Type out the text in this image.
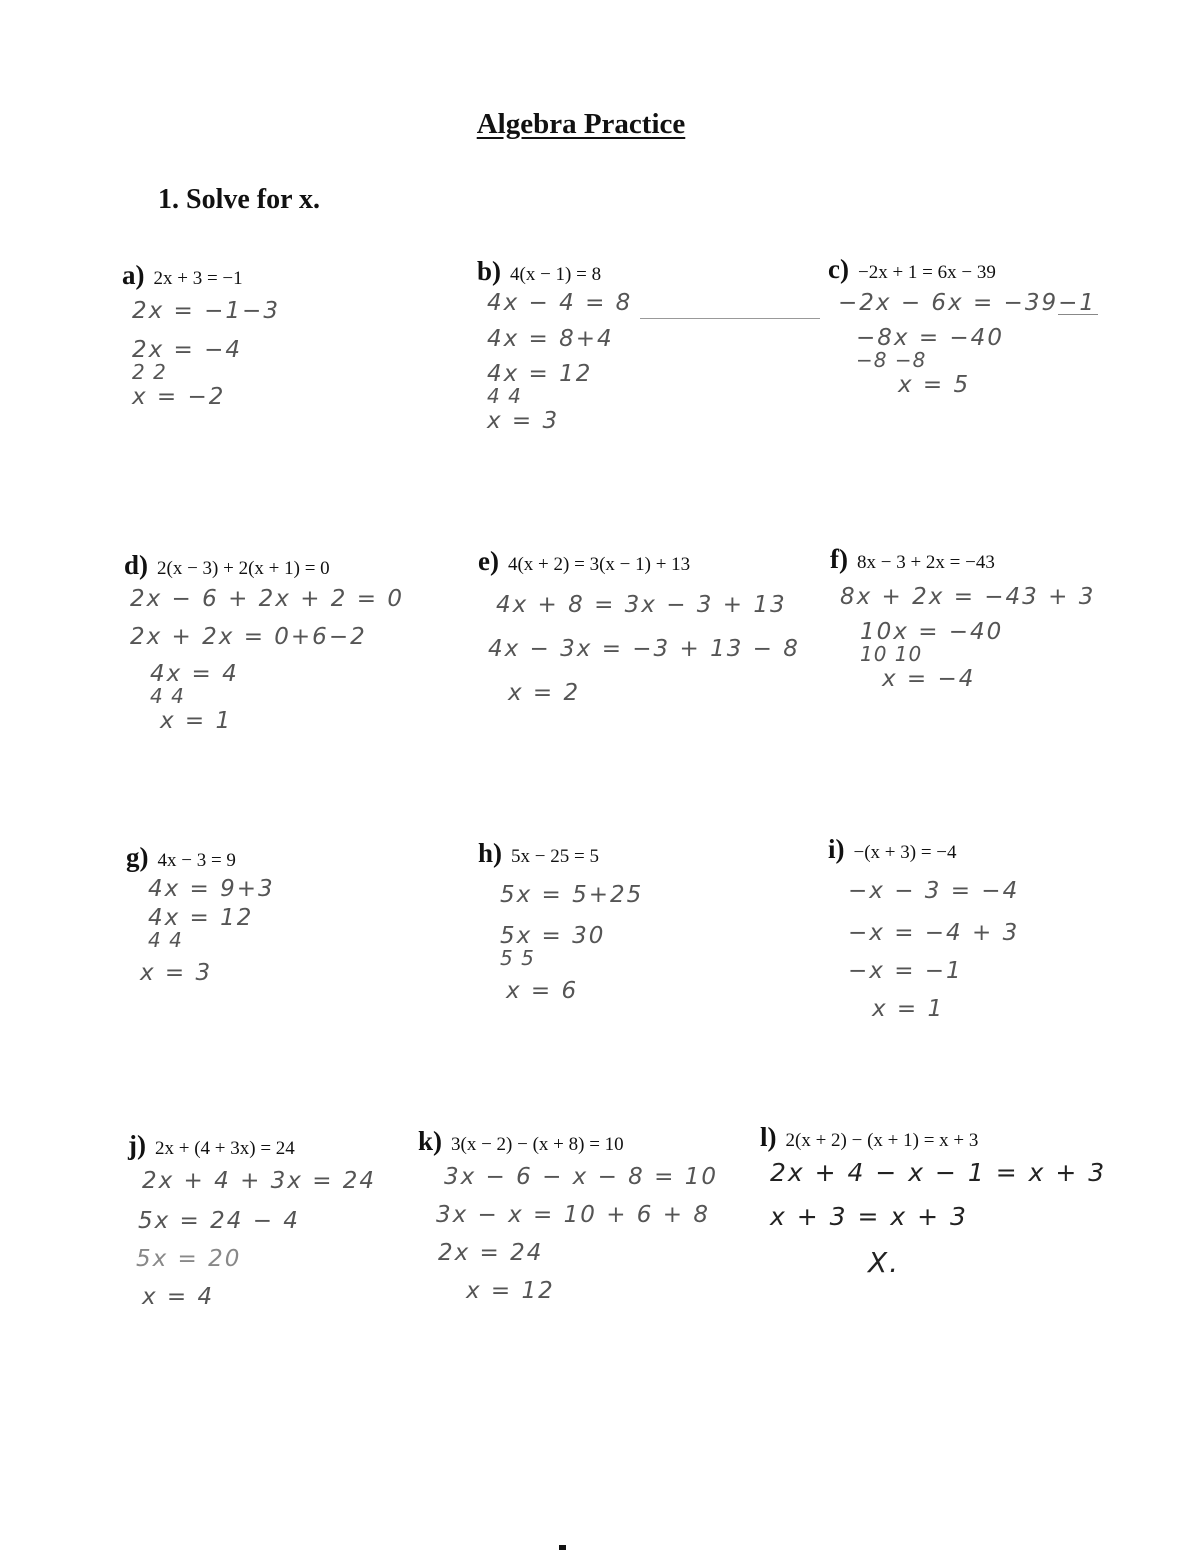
Algebra Practice
1. Solve for x.
a) 2x + 3 = −1
2x = −1−3
2x = −4
2 2
x = −2
b) 4(x − 1) = 8
4x − 4 = 8
4x = 8+4
4x = 12
4 4
x = 3
c) −2x + 1 = 6x − 39
−2x − 6x = −39−1
−8x = −40
−8 −8
x = 5
d) 2(x − 3) + 2(x + 1) = 0
2x − 6 + 2x + 2 = 0
2x + 2x = 0+6−2
4x = 4
4 4
x = 1
e) 4(x + 2) = 3(x − 1) + 13
4x + 8 = 3x − 3 + 13
4x − 3x = −3 + 13 − 8
x = 2
f) 8x − 3 + 2x = −43
8x + 2x = −43 + 3
10x = −40
10 10
x = −4
g) 4x − 3 = 9
4x = 9+3
4x = 12
4 4
x = 3
h) 5x − 25 = 5
5x = 5+25
5x = 30
5 5
x = 6
i) −(x + 3) = −4
−x − 3 = −4
−x = −4 + 3
−x = −1
x = 1
j) 2x + (4 + 3x) = 24
2x + 4 + 3x = 24
5x = 24 − 4
5x = 20
x = 4
k) 3(x − 2) − (x + 8) = 10
3x − 6 − x − 8 = 10
3x − x = 10 + 6 + 8
2x = 24
x = 12
l) 2(x + 2) − (x + 1) = x + 3
2x + 4 − x − 1 = x + 3
x + 3 = x + 3
X.
